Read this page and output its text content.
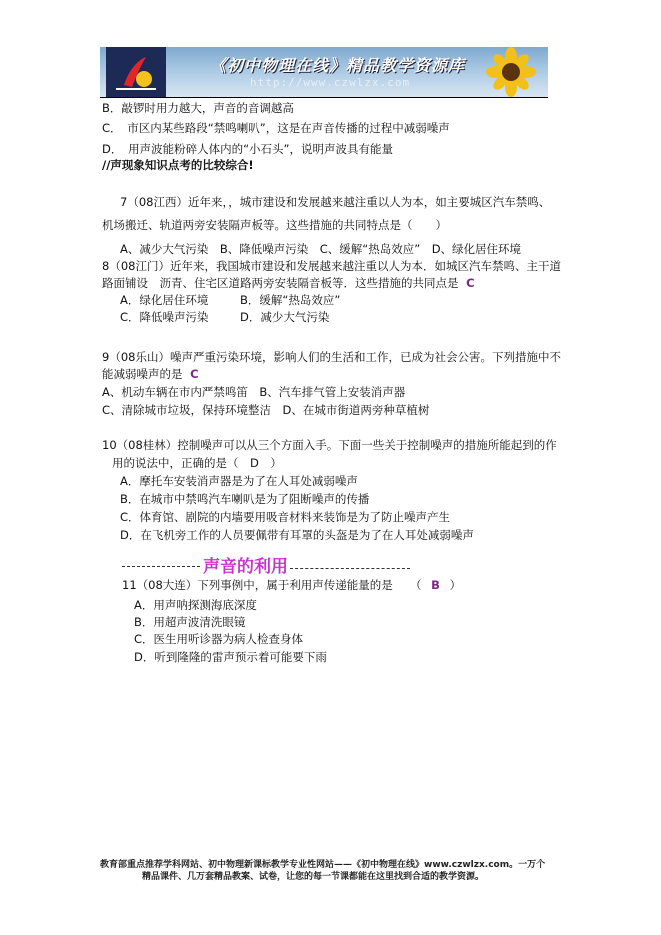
《初中物理在线》精品教学资源库
http://www.czwlzx.com
B．敲锣时用力越大，声音的音调越高
C．　市区内某些路段“禁鸣喇叭”，这是在声音传播的过程中减弱噪声
D．　用声波能粉碎人体内的“小石头”，说明声波具有能量
//声现象知识点考的比较综合!
7（08江西）近年来，，城市建设和发展越来越注重以人为本，如主要城区汽车禁鸣、
机场搬迁、轨道两旁安装隔声板等。这些措施的共同特点是（　　）
A、减少大气污染　B、降低噪声污染　C、缓解“热岛效应”　D、绿化居住环境
8（08江门）近年来，我国城市建设和发展越来越注重以人为本．如城区汽车禁鸣、主干道
路面铺设　沥青、住宅区道路两旁安装隔音板等．这些措施的共同点是 C
A．绿化居住环境	B．缓解“热岛效应”
C．降低噪声污染	D．减少大气污染
9（08乐山）噪声严重污染环境，影响人们的生活和工作，已成为社会公害。下列措施中不
能减弱噪声的是 C
A、机动车辆在市内严禁鸣笛　B、汽车排气管上安装消声器
C、清除城市垃圾，保持环境整洁　D、在城市街道两旁种草植树
10（08桂林）控制噪声可以从三个方面入手。下面一些关于控制噪声的措施所能起到的作
用的说法中，正确的是（　D　）
A．摩托车安装消声器是为了在人耳处减弱噪声
B．在城市中禁鸣汽车喇叭是为了阻断噪声的传播
C．体育馆、剧院的内墙要用吸音材料来装饰是为了防止噪声产生
D．在飞机旁工作的人员要佩带有耳罩的头盔是为了在人耳处减弱噪声
声音的利用
11（08大连）下列事例中，属于利用声传递能量的是　　（ B ）
A．用声呐探测海底深度
B．用超声波清洗眼镜
C．医生用听诊器为病人检查身体
D．听到隆隆的雷声预示着可能要下雨
教育部重点推荐学科网站、初中物理新课标教学专业性网站——《初中物理在线》www.czwlzx.com。一万个
精品课件、几万套精品教案、试卷，让您的每一节课都能在这里找到合适的教学资源。
